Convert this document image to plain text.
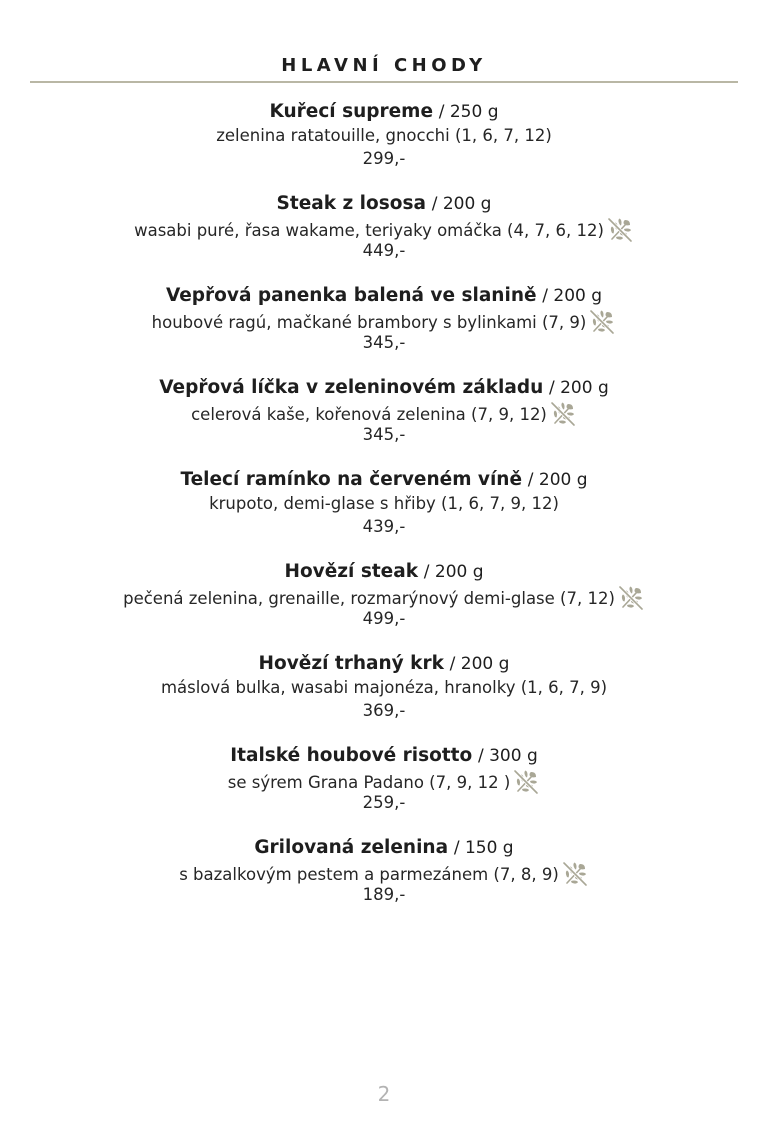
HLAVNÍ CHODY
Kuřecí supreme / 250 g
zelenina ratatouille, gnocchi (1, 6, 7, 12)
299,-
Steak z lososa / 200 g
wasabi puré, řasa wakame, teriyaky omáčka (4, 7, 6, 12)
449,-
Vepřová panenka balená ve slanině / 200 g
houbové ragú, mačkané brambory s bylinkami (7, 9)
345,-
Vepřová líčka v zeleninovém základu / 200 g
celerová kaše, kořenová zelenina (7, 9, 12)
345,-
Telecí ramínko na červeném víně / 200 g
krupoto, demi-glase s hřiby (1, 6, 7, 9, 12)
439,-
Hovězí steak / 200 g
pečená zelenina, grenaille, rozmarýnový demi-glase (7, 12)
499,-
Hovězí trhaný krk / 200 g
máslová bulka, wasabi majonéza, hranolky (1, 6, 7, 9)
369,-
Italské houbové risotto / 300 g
se sýrem Grana Padano (7, 9, 12 )
259,-
Grilovaná zelenina / 150 g
s bazalkovým pestem a parmezánem (7, 8, 9)
189,-
2
